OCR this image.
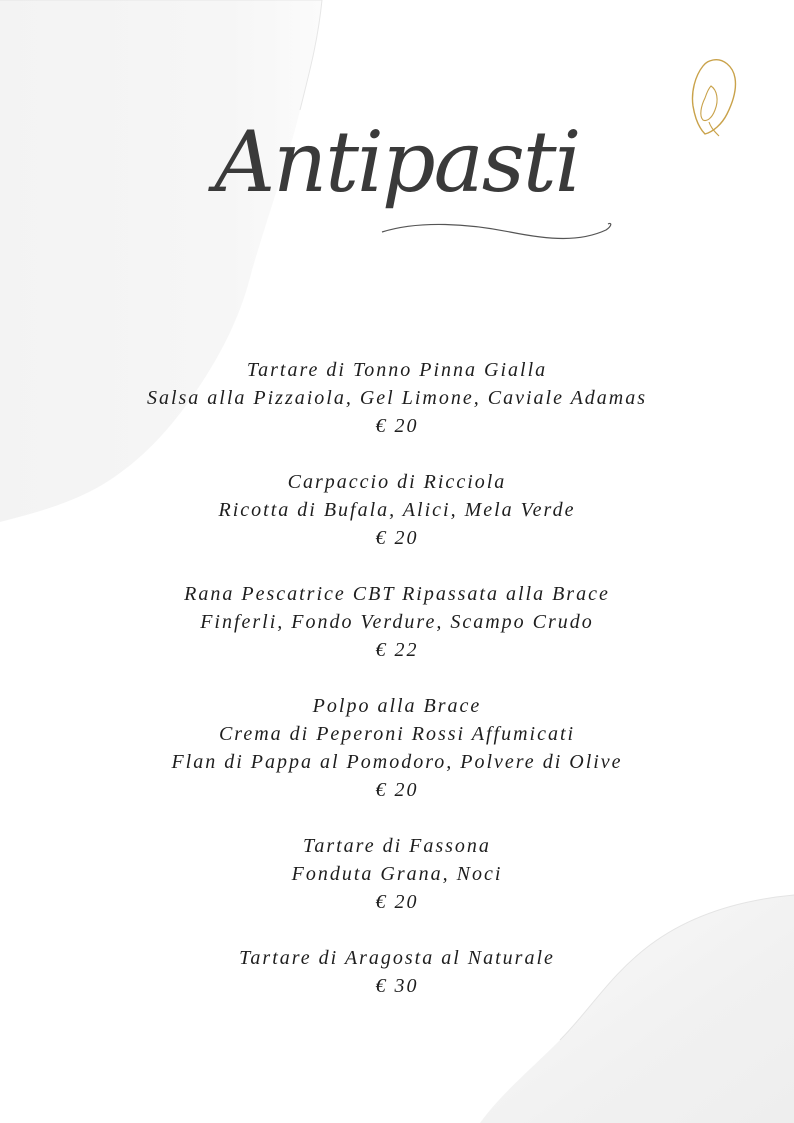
Antipasti
Tartare di Tonno Pinna Gialla
Salsa alla Pizzaiola, Gel Limone, Caviale Adamas
€ 20
Carpaccio di Ricciola
Ricotta di Bufala, Alici, Mela Verde
€ 20
Rana Pescatrice CBT Ripassata alla Brace
Finferli, Fondo Verdure, Scampo Crudo
€ 22
Polpo alla Brace
Crema di Peperoni Rossi Affumicati
Flan di Pappa al Pomodoro, Polvere di Olive
€ 20
Tartare di Fassona
Fonduta Grana, Noci
€ 20
Tartare di Aragosta al Naturale
€ 30
